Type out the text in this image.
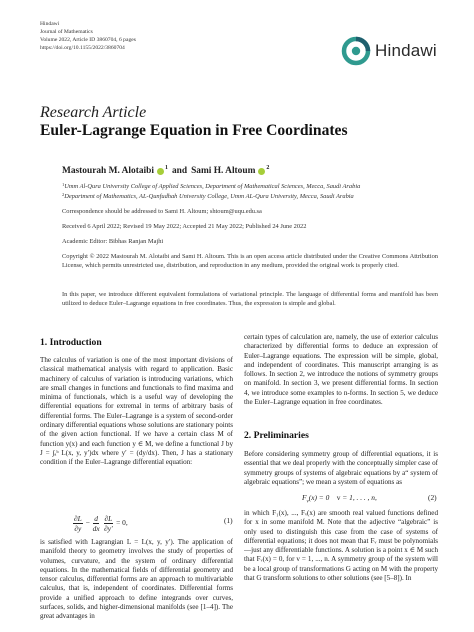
Hindawi
Journal of Mathematics
Volume 2022, Article ID 3860704, 6 pages
https://doi.org/10.1155/2022/3860704	Hindawi
Research Article
Euler-Lagrange Equation in Free Coordinates
Mastourah M. Alotaibi 1 and Sami H. Altoum 2
$^1$Umm Al-Qura University College of Applied Sciences, Department of Mathematical Sciences, Mecca, Saudi Arabia
$^2$Department of Mathematics, AL-Qunfudhah University College, Umm AL-Qura University, Mecca, Saudi Arabia
Correspondence should be addressed to Sami H. Altoum; shtoum@uqu.edu.sa
Received 6 April 2022; Revised 19 May 2022; Accepted 21 May 2022; Published 24 June 2022
Academic Editor: Bibhas Ranjan Majhi
Copyright © 2022 Mastourah M. Alotaibi and Sami H. Altoum. This is an open access article distributed under the Creative Commons Attribution License, which permits unrestricted use, distribution, and reproduction in any medium, provided the original work is properly cited.
In this paper, we introduce different equivalent formulations of variational principle. The language of differential forms and manifold has been utilized to deduce Euler–Lagrange equations in free coordinates. Thus, the expression is simple and global.
1. Introduction
The calculus of variation is one of the most important divisions of classical mathematical analysis with regard to application. Basic machinery of calculus of variation is introducing variations, which are small changes in functions and functionals to find maxima and minima of functionals, which is a useful way of developing the differential equations for extremal in terms of arbitrary basis of differential forms. The Euler–Lagrange is a system of second-order ordinary differential equations whose solutions are stationary points of the given action functional. If we have a certain class M of function y(x) and each function y ∈ M, we define a functional J by J = ∫ₐᵇ L(x, y, y′)dx where y′ = (dy/dx). Then, J has a stationary condition if the Euler–Lagrange differential equation:
$\frac{\partial L}{\partial y} - \frac{d}{dx}$
$\frac{\partial L}{\partial y'} = 0$,	(1)
is satisfied with Lagrangian L = L(x, y, y′). The application of manifold theory to geometry involves the study of properties of volumes, curvature, and the system of ordinary differential equations. In the mathematical fields of differential geometry and tensor calculus, differential forms are an approach to multivariable calculus, that is, independent of coordinates. Differential forms provide a unified approach to define integrands over curves, surfaces, solids, and higher-dimensional manifolds (see [1–4]). The great advantages in
certain types of calculation are, namely, the use of exterior calculus characterized by differential forms to deduce an expression of Euler–Lagrange equations. The expression will be simple, global, and independent of coordinates. This manuscript arranging is as follows. In section 2, we introduce the notions of symmetry groups on manifold. In section 3, we present differential forms. In section 4, we introduce some examples to n-forms. In section 5, we deduce the Euler–Lagrange equation in free coordinates.
2. Preliminaries
Before considering symmetry group of differential equations, it is essential that we deal properly with the conceptually simpler case of symmetry groups of systems of algebraic equations by a“ system of algebraic equations”; we mean a system of equations as
$F_v(x) = 0$    v = 1, . . . , n,	(2)
in which F₁(x), ..., Fᵥ(x) are smooth real valued functions defined for x in some manifold M. Note that the adjective “algebraic” is only used to distinguish this case from the case of systems of differential equations; it does not mean that Fᵥ must be polynomials—just any differentiable functions. A solution is a point x ∈ M such that Fᵥ(x) = 0, for v = 1, ..., n. A symmetry group of the system will be a local group of transformations G acting on M with the property that G transform solutions to other solutions (see [5–8]). In
